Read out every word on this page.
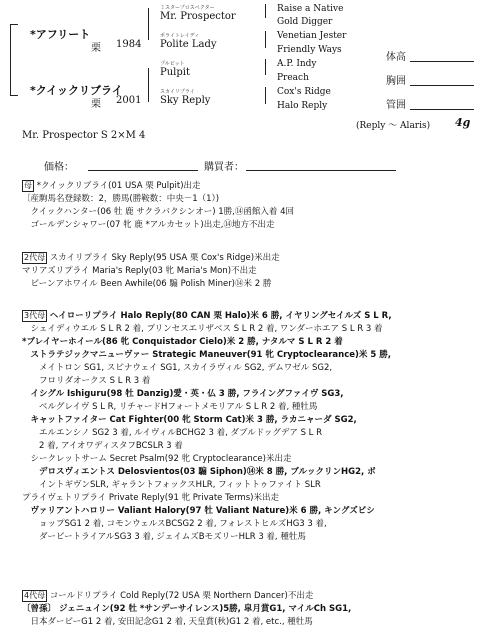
*アフリート
栗 1984
*クイックリブライ
栗 2001
ミスタープロスペクター
Mr. Prospector
ポライトレイディ
Polite Lady
プルピット
Pulpit
スカイリプライ
Sky Reply
Raise a Native
Gold Digger
Venetian Jester
Friendly Ways
A.P. Indy
Preach
Cox's Ridge
Halo Reply
体高
胸囲
管囲
(Reply ～ Alaris) 4g
Mr. Prospector S 2×M 4
価格：	購買者：
母 *クイックリブライ(01 USA 栗 Pulpit)出走
〔産駒馬名登録数：2，勝馬(勝鞍数：中央－1（1）)
　クイックハンター(06 牡 鹿 サクラバクシンオー) 1勝,⑭函館入着 4回
　ゴールデンシャワー(07 牝 鹿 *アルカセット)出走,⑭地方不出走
2代母 スカイリプライ Sky Reply(95 USA 栗 Cox's Ridge)米出走
マリアズリプライ Maria's Reply(03 牝 Maria's Mon)不出走
　ビーンアホワイル Been Awhile(06 騸 Polish Miner)⑭米 2 勝
3代母 ヘイローリプライ Halo Reply(80 CAN 栗 Halo)米 6 勝, イヤリングセイルズ S L R,
　シェイディウエル S L R 2 着, プリンセスエリザベス S L R 2 着, ワンダーホエア S L R 3 着
*ブレイヤーホイール(86 牝 Conquistador Cielo)米 2 勝, ナタルマ S L R 2 着
　ストラテジックマニューヴァー Strategic Maneuver(91 牝 Cryptoclearance)米 5 勝,
　　メイトロン SG1, スピナウェイ SG1, スカイラヴィル SG2, デムワゼル SG2,
　　フロリダオークス S L R 3 着
　イシグル Ishiguru(98 牡 Danzig)愛・英・仏 3 勝, フライングファイヴ SG3,
　　ベルグレイヴ S L R, リチャードHフォートメモリアル S L R 2 着, 種牡馬
　キャットファイター Cat Fighter(00 牝 Storm Cat)米 3 勝, ラカニャーダ SG2,
　　エルエンシノ SG2 3 着, ルイヴィルBCHG2 3 着, ダブルドッグデア S L R
　　2 着, アイオワディスタフBCSLR 3 着
　シークレットサーム Secret Psalm(92 牝 Cryptoclearance)米出走
　　デロスヴィエントス Delosvientos(03 騸 Siphon)⑭米 8 勝, ブルックリンHG2, ボ
　　イントギヴンSLR, ギャラントフォックスHLR, フィットトゥファイト SLR
プライヴェトリプライ Private Reply(91 牝 Private Terms)米出走
　ヴァリアントハロリー Valiant Halory(97 牡 Valiant Nature)米 6 勝, キングズビシ
　　ョップSG1 2 着, コモンウェルスBCSG2 2 着, フォレストヒルズHG3 3 着,
　　ダービートライアルSG3 3 着, ジェイムズBモズリーHLR 3 着, 種牡馬
4代母 コールドリプライ Cold Reply(72 USA 栗 Northern Dancer)不出走
〔曾孫〕 ジェニュイン(92 牡 *サンデーサイレンス)5勝, 皐月賞G1, マイルCh SG1,
　日本ダービーG1 2 着, 安田記念G1 2 着, 天皇賞(秋)G1 2 着, etc., 種牡馬
